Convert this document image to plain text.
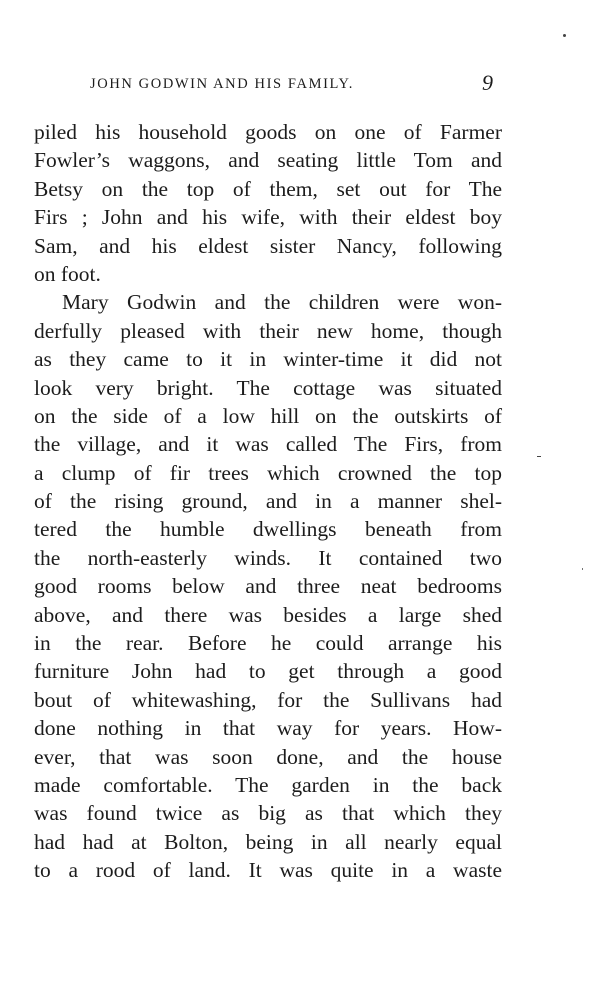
JOHN GODWIN AND HIS FAMILY.	9
piled his household goods on one of Farmer
Fowler’s waggons, and seating little Tom and
Betsy on the top of them, set out for The
Firs ; John and his wife, with their eldest boy
Sam, and his eldest sister Nancy, following
on foot.
Mary Godwin and the children were won-
derfully pleased with their new home, though
as they came to it in winter-time it did not
look very bright. The cottage was situated
on the side of a low hill on the outskirts of
the village, and it was called The Firs, from
a clump of fir trees which crowned the top
of the rising ground, and in a manner shel-
tered the humble dwellings beneath from
the north-easterly winds. It contained two
good rooms below and three neat bedrooms
above, and there was besides a large shed
in the rear. Before he could arrange his
furniture John had to get through a good
bout of whitewashing, for the Sullivans had
done nothing in that way for years. How-
ever, that was soon done, and the house
made comfortable. The garden in the back
was found twice as big as that which they
had had at Bolton, being in all nearly equal
to a rood of land. It was quite in a waste
